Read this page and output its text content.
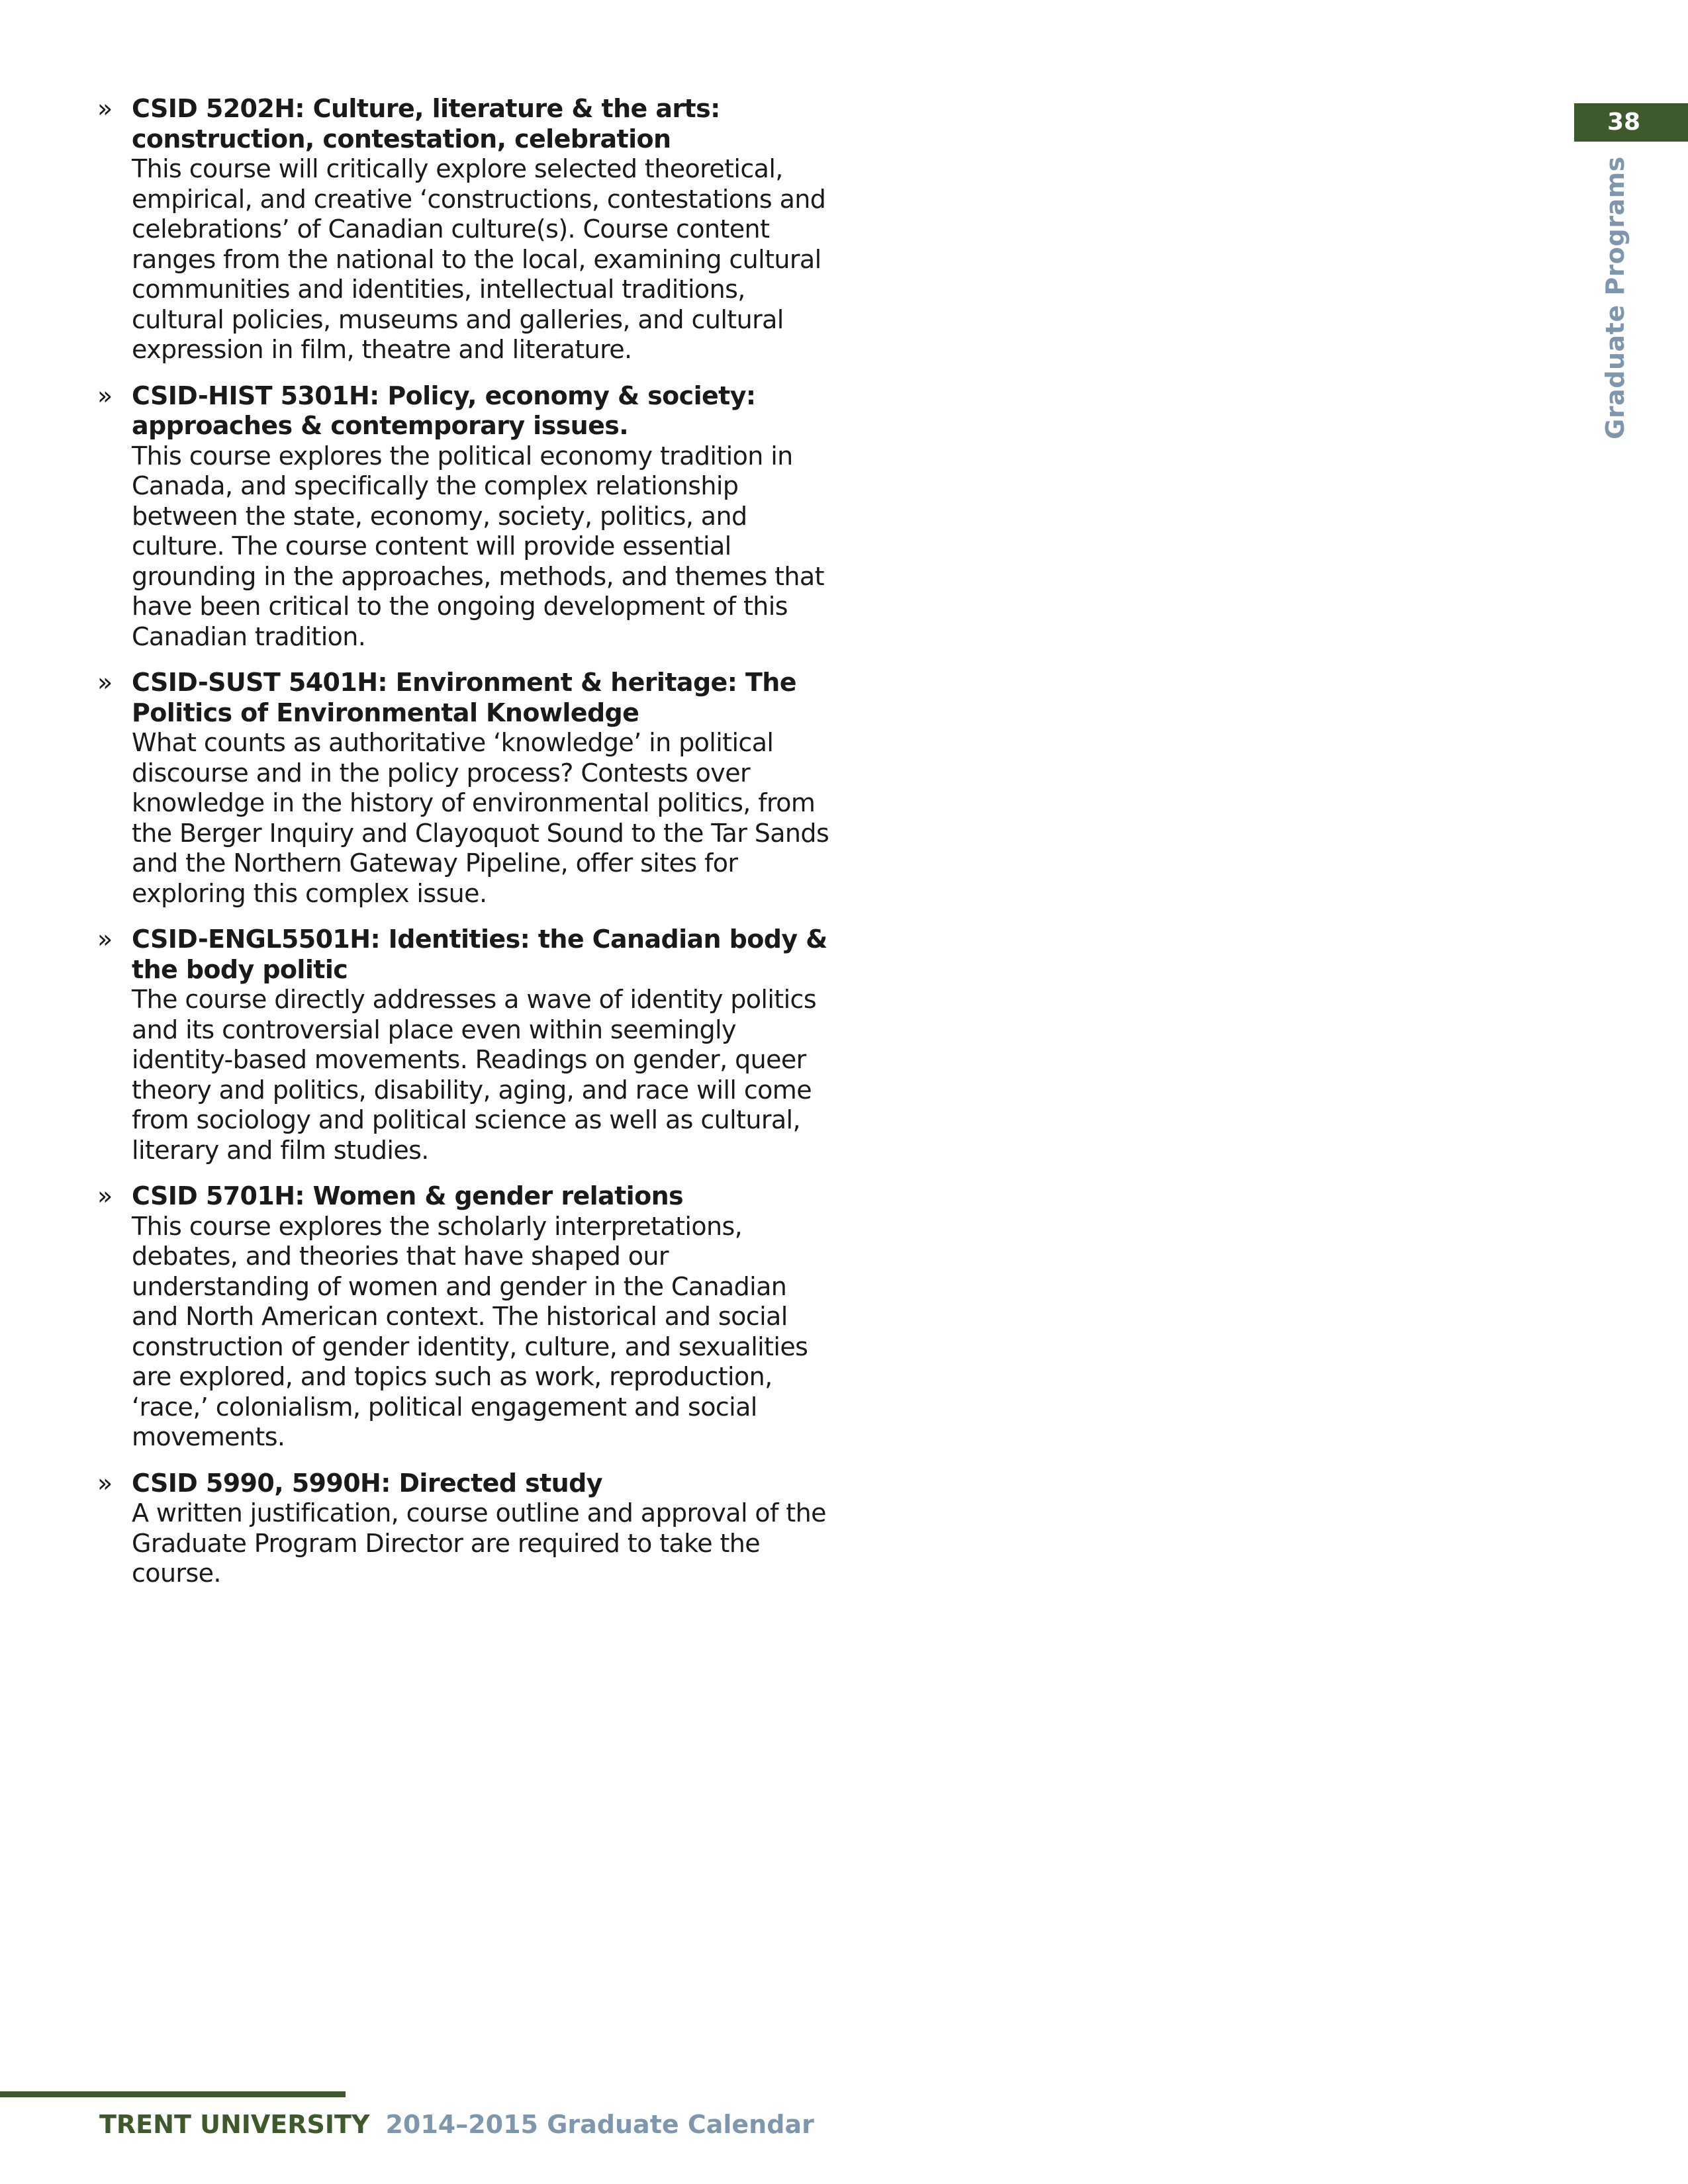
38
Graduate Programs
» CSID 5202H: Culture, literature & the arts: construction, contestation, celebration
This course will critically explore selected theoretical, empirical, and creative ‘constructions, contestations and celebrations’ of Canadian culture(s). Course content ranges from the national to the local, examining cultural communities and identities, intellectual traditions, cultural policies, museums and galleries, and cultural expression in film, theatre and literature.
» CSID-HIST 5301H: Policy, economy & society: approaches & contemporary issues.
This course explores the political economy tradition in Canada, and specifically the complex relationship between the state, economy, society, politics, and culture. The course content will provide essential grounding in the approaches, methods, and themes that have been critical to the ongoing development of this Canadian tradition.
» CSID-SUST 5401H: Environment & heritage: The Politics of Environmental Knowledge
What counts as authoritative ‘knowledge’ in political discourse and in the policy process? Contests over knowledge in the history of environmental politics, from the Berger Inquiry and Clayoquot Sound to the Tar Sands and the Northern Gateway Pipeline, offer sites for exploring this complex issue.
» CSID-ENGL5501H: Identities: the Canadian body & the body politic
The course directly addresses a wave of identity politics and its controversial place even within seemingly identity-based movements. Readings on gender, queer theory and politics, disability, aging, and race will come from sociology and political science as well as cultural, literary and film studies.
» CSID 5701H: Women & gender relations
This course explores the scholarly interpretations, debates, and theories that have shaped our understanding of women and gender in the Canadian and North American context. The historical and social construction of gender identity, culture, and sexualities are explored, and topics such as work, reproduction, ‘race,’ colonialism, political engagement and social movements.
» CSID 5990, 5990H: Directed study
A written justification, course outline and approval of the Graduate Program Director are required to take the course.
TRENT UNIVERSITY 2014–2015 Graduate Calendar
